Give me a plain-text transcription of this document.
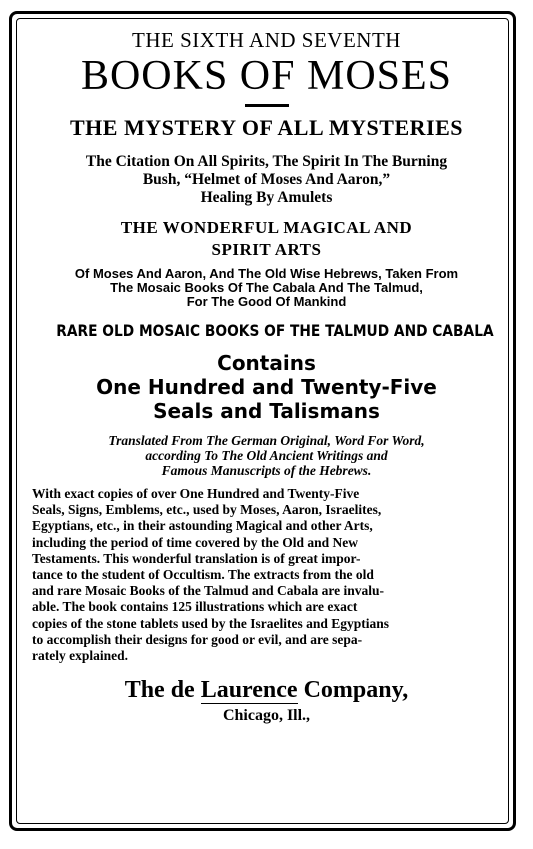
THE SIXTH AND SEVENTH
BOOKS OF MOSES
THE MYSTERY OF ALL MYSTERIES
The Citation On All Spirits, The Spirit In The Burning
Bush, “Helmet of Moses And Aaron,”
Healing By Amulets
THE WONDERFUL MAGICAL AND
SPIRIT ARTS
Of Moses And Aaron, And The Old Wise Hebrews, Taken From
The Mosaic Books Of The Cabala And The Talmud,
For The Good Of Mankind
RARE OLD MOSAIC BOOKS OF THE TALMUD AND CABALA
Contains
One Hundred and Twenty-Five
Seals and Talismans
Translated From The German Original, Word For Word,
according To The Old Ancient Writings and
Famous Manuscripts of the Hebrews.
With exact copies of over One Hundred and Twenty-Five
Seals, Signs, Emblems, etc., used by Moses, Aaron, Israelites,
Egyptians, etc., in their astounding Magical and other Arts,
including the period of time covered by the Old and New
Testaments. This wonderful translation is of great impor-
tance to the student of Occultism. The extracts from the old
and rare Mosaic Books of the Talmud and Cabala are invalu-
able. The book contains 125 illustrations which are exact
copies of the stone tablets used by the Israelites and Egyptians
to accomplish their designs for good or evil, and are sepa-
rately explained.
The de Laurence Company,
Chicago, Ill.,
